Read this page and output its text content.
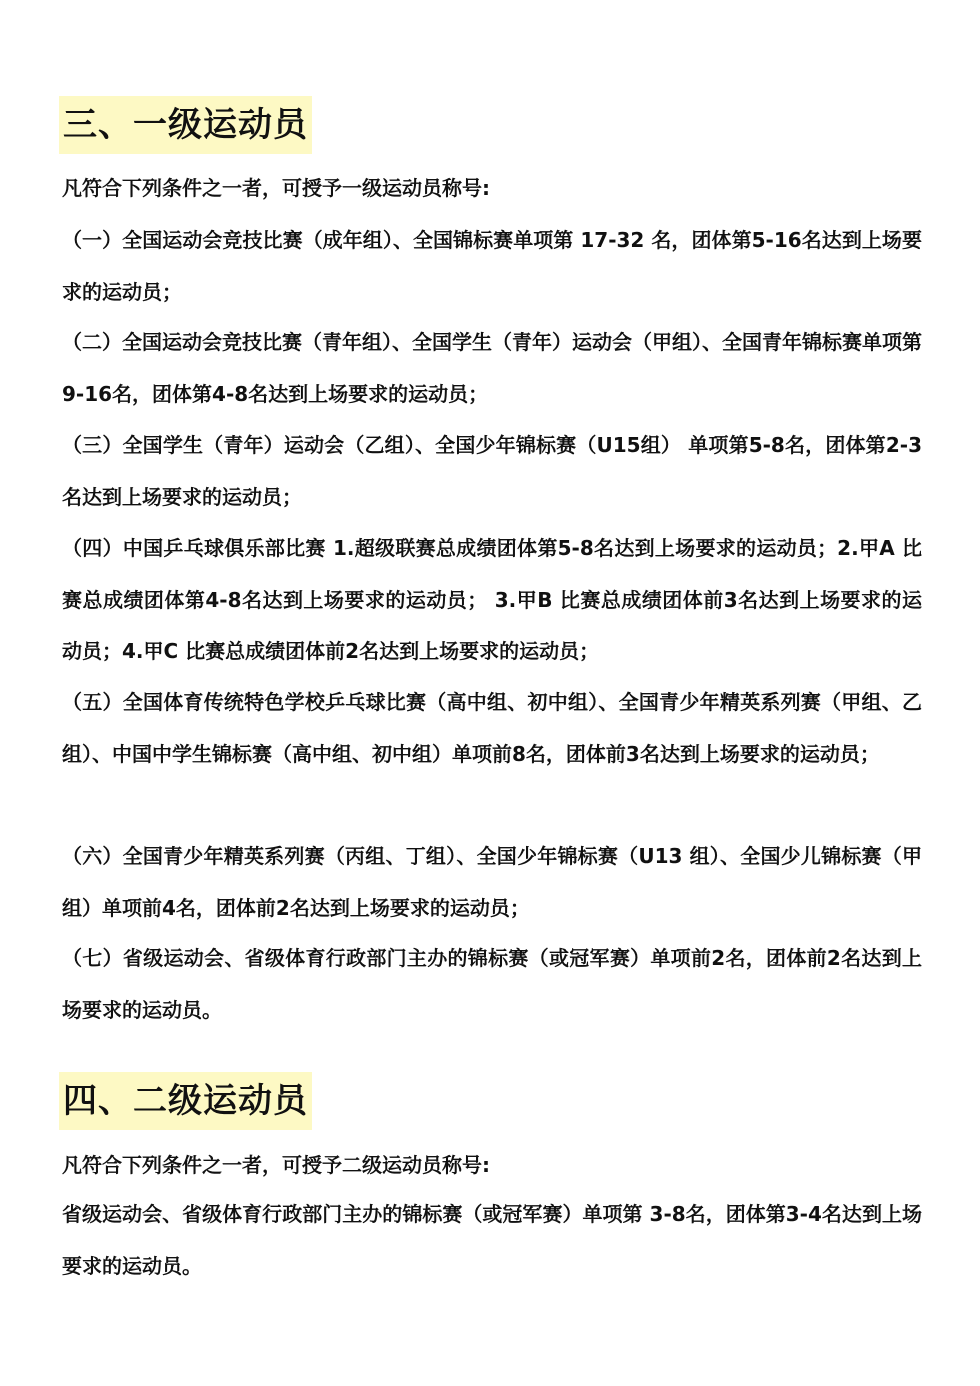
三、一级运动员

凡符合下列条件之一者，可授予一级运动员称号:

（一）全国运动会竞技比赛（成年组）、全国锦标赛单项第 17-32 名，团体第5-16名达到上场要求的运动员；

（二）全国运动会竞技比赛（青年组）、全国学生（青年）运动会（甲组）、全国青年锦标赛单项第9-16名，团体第4-8名达到上场要求的运动员；

（三）全国学生（青年）运动会（乙组）、全国少年锦标赛（U15组） 单项第5-8名，团体第2-3名达到上场要求的运动员；

（四）中国乒乓球俱乐部比赛 1.超级联赛总成绩团体第5-8名达到上场要求的运动员；2.甲A 比赛总成绩团体第4-8名达到上场要求的运动员； 3.甲B 比赛总成绩团体前3名达到上场要求的运动员；4.甲C 比赛总成绩团体前2名达到上场要求的运动员；

（五）全国体育传统特色学校乒乓球比赛（高中组、初中组）、全国青少年精英系列赛（甲组、乙组）、中国中学生锦标赛（高中组、初中组）单项前8名，团体前3名达到上场要求的运动员；

（六）全国青少年精英系列赛（丙组、丁组）、全国少年锦标赛（U13 组）、全国少儿锦标赛（甲组）单项前4名，团体前2名达到上场要求的运动员；

（七）省级运动会、省级体育行政部门主办的锦标赛（或冠军赛）单项前2名，团体前2名达到上场要求的运动员。

四、二级运动员

凡符合下列条件之一者，可授予二级运动员称号:

省级运动会、省级体育行政部门主办的锦标赛（或冠军赛）单项第 3-8名，团体第3-4名达到上场要求的运动员。
